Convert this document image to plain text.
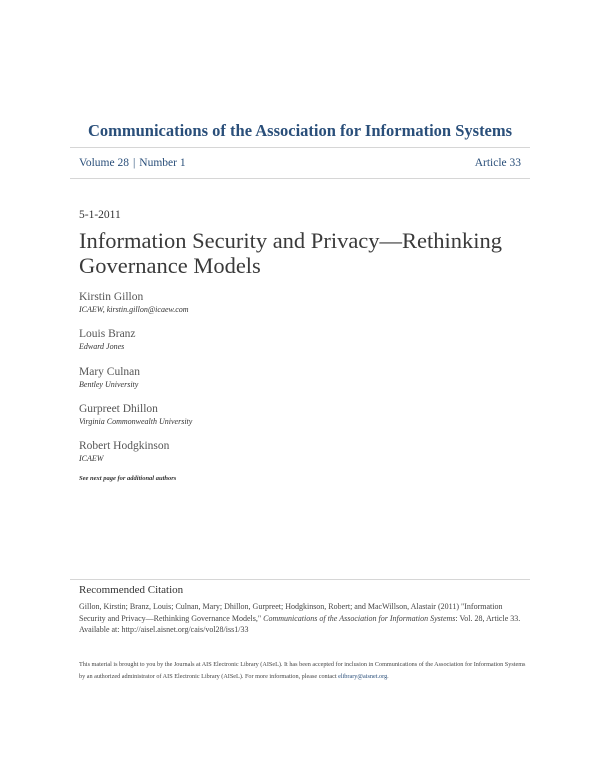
Communications of the Association for Information Systems
Volume 28 | Number 1	Article 33
5-1-2011
Information Security and Privacy—Rethinking Governance Models
Kirstin Gillon
ICAEW, kirstin.gillon@icaew.com
Louis Branz
Edward Jones
Mary Culnan
Bentley University
Gurpreet Dhillon
Virginia Commonwealth University
Robert Hodgkinson
ICAEW
See next page for additional authors
Recommended Citation
Gillon, Kirstin; Branz, Louis; Culnan, Mary; Dhillon, Gurpreet; Hodgkinson, Robert; and MacWillson, Alastair (2011) "Information Security and Privacy—Rethinking Governance Models," Communications of the Association for Information Systems: Vol. 28, Article 33.
Available at: http://aisel.aisnet.org/cais/vol28/iss1/33
This material is brought to you by the Journals at AIS Electronic Library (AISeL). It has been accepted for inclusion in Communications of the Association for Information Systems by an authorized administrator of AIS Electronic Library (AISeL). For more information, please contact elibrary@aisnet.org.
